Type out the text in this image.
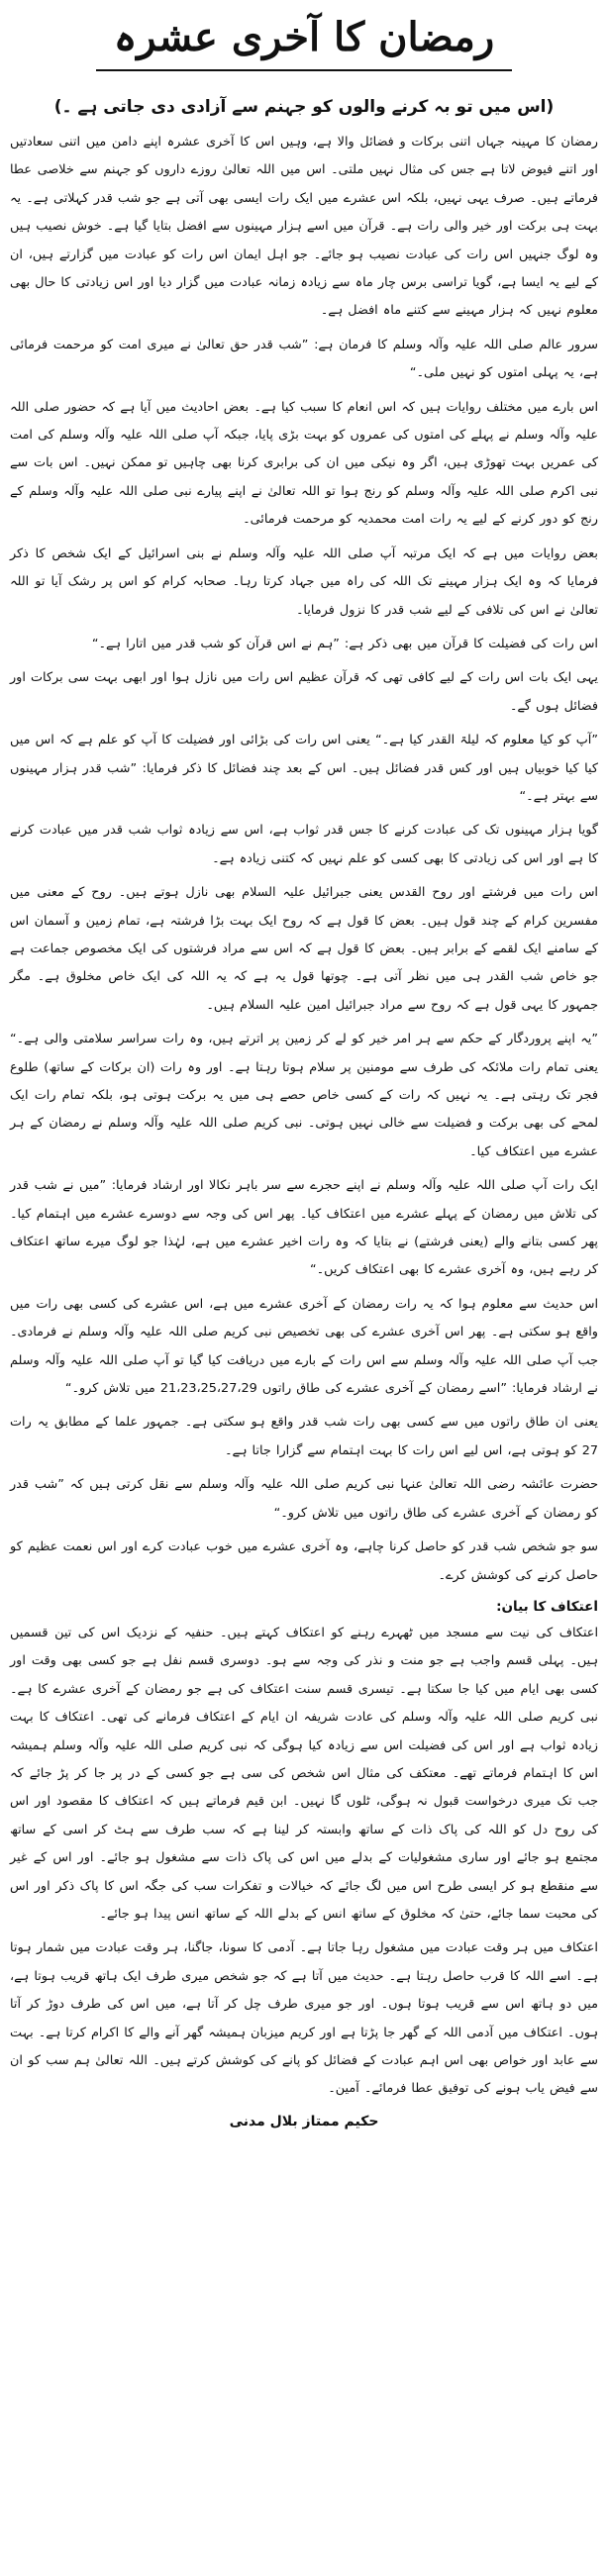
رمضان کا آخری عشرہ
(اس میں تو بہ کرنے والوں کو جہنم سے آزادی دی جاتی ہے ۔)

رمضان کا مہینہ جہاں اتنی برکات و فضائل والا ہے، وہیں اس کا آخری عشرہ اپنے دامن میں اتنی سعادتیں اور اتنے فیوض لاتا ہے جس کی مثال نہیں ملتی۔ اس میں اللہ تعالیٰ روزے داروں کو جہنم سے خلاصی عطا فرماتے ہیں۔ صرف یہی نہیں، بلکہ اس عشرے میں ایک رات ایسی بھی آتی ہے جو شب قدر کہلاتی ہے۔ یہ بہت ہی برکت اور خیر والی رات ہے۔ قرآن میں اسے ہزار مہینوں سے افضل بتایا گیا ہے۔ خوش نصیب ہیں وہ لوگ جنہیں اس رات کی عبادت نصیب ہو جائے۔ جو اہل ایمان اس رات کو عبادت میں گزارتے ہیں، ان کے لیے یہ ایسا ہے، گویا تراسی برس چار ماہ سے زیادہ زمانہ عبادت میں گزار دیا اور اس زیادتی کا حال بھی معلوم نہیں کہ ہزار مہینے سے کتنے ماہ افضل ہے۔

سرور عالم صلی اللہ علیہ وآلہ وسلم کا فرمان ہے: ”شب قدر حق تعالیٰ نے میری امت کو مرحمت فرمائی ہے، یہ پہلی امتوں کو نہیں ملی۔“

اس بارے میں مختلف روایات ہیں کہ اس انعام کا سبب کیا ہے۔ بعض احادیث میں آیا ہے کہ حضور صلی اللہ علیہ وآلہ وسلم نے پہلے کی امتوں کی عمروں کو بہت بڑی پایا، جبکہ آپ صلی اللہ علیہ وآلہ وسلم کی امت کی عمریں بہت تھوڑی ہیں، اگر وہ نیکی میں ان کی برابری کرنا بھی چاہیں تو ممکن نہیں۔ اس بات سے نبی اکرم صلی اللہ علیہ وآلہ وسلم کو رنج ہوا تو اللہ تعالیٰ نے اپنے پیارے نبی صلی اللہ علیہ وآلہ وسلم کے رنج کو دور کرنے کے لیے یہ رات امت محمدیہ کو مرحمت فرمائی۔

بعض روایات میں ہے کہ ایک مرتبہ آپ صلی اللہ علیہ وآلہ وسلم نے بنی اسرائیل کے ایک شخص کا ذکر فرمایا کہ وہ ایک ہزار مہینے تک اللہ کی راہ میں جہاد کرتا رہا۔ صحابہ کرام کو اس پر رشک آیا تو اللہ تعالیٰ نے اس کی تلافی کے لیے شب قدر کا نزول فرمایا۔

اس رات کی فضیلت کا قرآن میں بھی ذکر ہے: ”ہم نے اس قرآن کو شب قدر میں اتارا ہے۔“

یہی ایک بات اس رات کے لیے کافی تھی کہ قرآن عظیم اس رات میں نازل ہوا اور ابھی بہت سی برکات اور فضائل ہوں گے۔

”آپ کو کیا معلوم کہ لیلۃ القدر کیا ہے۔“ یعنی اس رات کی بڑائی اور فضیلت کا آپ کو علم ہے کہ اس میں کیا کیا خوبیاں ہیں اور کس قدر فضائل ہیں۔ اس کے بعد چند فضائل کا ذکر فرمایا: ”شب قدر ہزار مہینوں سے بہتر ہے۔“

گویا ہزار مہینوں تک کی عبادت کرنے کا جس قدر ثواب ہے، اس سے زیادہ ثواب شب قدر میں عبادت کرنے کا ہے اور اس کی زیادتی کا بھی کسی کو علم نہیں کہ کتنی زیادہ ہے۔

اس رات میں فرشتے اور روح القدس یعنی جبرائیل علیہ السلام بھی نازل ہوتے ہیں۔ روح کے معنی میں مفسرین کرام کے چند قول ہیں۔ بعض کا قول ہے کہ روح ایک بہت بڑا فرشتہ ہے، تمام زمین و آسمان اس کے سامنے ایک لقمے کے برابر ہیں۔ بعض کا قول ہے کہ اس سے مراد فرشتوں کی ایک مخصوص جماعت ہے جو خاص شب القدر ہی میں نظر آتی ہے۔ چوتھا قول یہ ہے کہ یہ اللہ کی ایک خاص مخلوق ہے۔ مگر جمہور کا یہی قول ہے کہ روح سے مراد جبرائیل امین علیہ السلام ہیں۔

”یہ اپنے پروردگار کے حکم سے ہر امر خیر کو لے کر زمین پر اترتے ہیں، وہ رات سراسر سلامتی والی ہے۔“ یعنی تمام رات ملائکہ کی طرف سے مومنین پر سلام ہوتا رہتا ہے۔ اور وہ رات (ان برکات کے ساتھ) طلوع فجر تک رہتی ہے۔ یہ نہیں کہ رات کے کسی خاص حصے ہی میں یہ برکت ہوتی ہو، بلکہ تمام رات ایک لمحے کی بھی برکت و فضیلت سے خالی نہیں ہوتی۔ نبی کریم صلی اللہ علیہ وآلہ وسلم نے رمضان کے ہر عشرے میں اعتکاف کیا۔

ایک رات آپ صلی اللہ علیہ وآلہ وسلم نے اپنے حجرے سے سر باہر نکالا اور ارشاد فرمایا: ”میں نے شب قدر کی تلاش میں رمضان کے پہلے عشرے میں اعتکاف کیا۔ پھر اس کی وجہ سے دوسرے عشرے میں اہتمام کیا۔ پھر کسی بتانے والے (یعنی فرشتے) نے بتایا کہ وہ رات اخیر عشرے میں ہے، لہٰذا جو لوگ میرے ساتھ اعتکاف کر رہے ہیں، وہ آخری عشرے کا بھی اعتکاف کریں۔“

اس حدیث سے معلوم ہوا کہ یہ رات رمضان کے آخری عشرے میں ہے، اس عشرے کی کسی بھی رات میں واقع ہو سکتی ہے۔ پھر اس آخری عشرے کی بھی تخصیص نبی کریم صلی اللہ علیہ وآلہ وسلم نے فرمادی۔ جب آپ صلی اللہ علیہ وآلہ وسلم سے اس رات کے بارے میں دریافت کیا گیا تو آپ صلی اللہ علیہ وآلہ وسلم نے ارشاد فرمایا: ”اسے رمضان کے آخری عشرے کی طاق راتوں 21،23،25،27،29 میں تلاش کرو۔“

یعنی ان طاق راتوں میں سے کسی بھی رات شب قدر واقع ہو سکتی ہے۔ جمہور علما کے مطابق یہ رات 27 کو ہوتی ہے، اس لیے اس رات کا بہت اہتمام سے گزارا جاتا ہے۔

حضرت عائشہ رضی اللہ تعالیٰ عنہا نبی کریم صلی اللہ علیہ وآلہ وسلم سے نقل کرتی ہیں کہ ”شب قدر کو رمضان کے آخری عشرے کی طاق راتوں میں تلاش کرو۔“

سو جو شخص شب قدر کو حاصل کرنا چاہے، وہ آخری عشرے میں خوب عبادت کرے اور اس نعمت عظیم کو حاصل کرنے کی کوشش کرے۔

اعتکاف کا بیان:

اعتکاف کی نیت سے مسجد میں ٹھہرے رہنے کو اعتکاف کہتے ہیں۔ حنفیہ کے نزدیک اس کی تین قسمیں ہیں۔ پہلی قسم واجب ہے جو منت و نذر کی وجہ سے ہو۔ دوسری قسم نفل ہے جو کسی بھی وقت اور کسی بھی ایام میں کیا جا سکتا ہے۔ تیسری قسم سنت اعتکاف کی ہے جو رمضان کے آخری عشرے کا ہے۔ نبی کریم صلی اللہ علیہ وآلہ وسلم کی عادت شریفہ ان ایام کے اعتکاف فرمانے کی تھی۔ اعتکاف کا بہت زیادہ ثواب ہے اور اس کی فضیلت اس سے زیادہ کیا ہوگی کہ نبی کریم صلی اللہ علیہ وآلہ وسلم ہمیشہ اس کا اہتمام فرماتے تھے۔ معتکف کی مثال اس شخص کی سی ہے جو کسی کے در پر جا کر پڑ جائے کہ جب تک میری درخواست قبول نہ ہوگی، ٹلوں گا نہیں۔ ابن قیم فرماتے ہیں کہ اعتکاف کا مقصود اور اس کی روح دل کو اللہ کی پاک ذات کے ساتھ وابستہ کر لینا ہے کہ سب طرف سے ہٹ کر اسی کے ساتھ مجتمع ہو جائے اور ساری مشغولیات کے بدلے میں اس کی پاک ذات سے مشغول ہو جائے۔ اور اس کے غیر سے منقطع ہو کر ایسی طرح اس میں لگ جائے کہ خیالات و تفکرات سب کی جگہ اس کا پاک ذکر اور اس کی محبت سما جائے، حتیٰ کہ مخلوق کے ساتھ انس کے بدلے اللہ کے ساتھ انس پیدا ہو جائے۔

اعتکاف میں ہر وقت عبادت میں مشغول رہا جاتا ہے۔ آدمی کا سونا، جاگنا، ہر وقت عبادت میں شمار ہوتا ہے۔ اسے اللہ کا قرب حاصل رہتا ہے۔ حدیث میں آتا ہے کہ جو شخص میری طرف ایک ہاتھ قریب ہوتا ہے، میں دو ہاتھ اس سے قریب ہوتا ہوں۔ اور جو میری طرف چل کر آتا ہے، میں اس کی طرف دوڑ کر آتا ہوں۔ اعتکاف میں آدمی اللہ کے گھر جا پڑتا ہے اور کریم میزبان ہمیشہ گھر آنے والے کا اکرام کرتا ہے۔ بہت سے عابد اور خواص بھی اس اہم عبادت کے فضائل کو پانے کی کوشش کرتے ہیں۔ اللہ تعالیٰ ہم سب کو ان سے فیض یاب ہونے کی توفیق عطا فرمائے۔ آمین۔

حکیم ممتاز بلال مدنی
